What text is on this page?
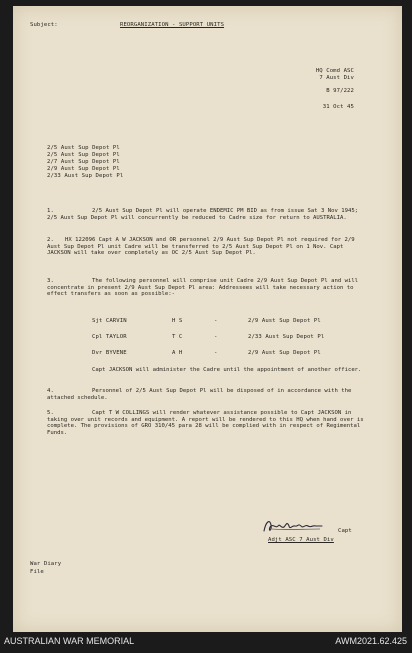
Subject:	REORGANIZATION - SUPPORT UNITS
HQ Comd ASC
7 Aust Div
B 97/222
31 Oct 45
2/5 Aust Sup Depot Pl
2/5 Aust Sup Depot Pl
2/7 Aust Sup Depot Pl
2/9 Aust Sup Depot Pl
2/33 Aust Sup Depot Pl
1.	2/5 Aust Sup Depot Pl will operate ENDEMIC PM BID as from issue Sat 3 Nov 1945; 2/5 Aust Sup Depot Pl will concurrently be reduced to Cadre size for return to AUSTRALIA.
2.	HX 122096 Capt A W JACKSON and OR personnel 2/9 Aust Sup Depot Pl not required for 2/9 Aust Sup Depot Pl unit Cadre will be transferred to 2/5 Aust Sup Depot Pl on 1 Nov. Capt JACKSON will take over completely as OC 2/5 Aust Sup Depot Pl.
3.	The following personnel will comprise unit Cadre 2/9 Aust Sup Depot Pl and will concentrate in present 2/9 Aust Sup Depot Pl area: Addressees will take necessary action to effect transfers as soon as possible:-
Sjt CARVIN	H S	-	2/9 Aust Sup Depot Pl
Cpl TAYLOR	T C	-	2/33 Aust Sup Depot Pl
Dvr BYVENE	A H	-	2/9 Aust Sup Depot Pl
Capt JACKSON will administer the Cadre until the appointment of another officer.
4.	Personnel of 2/5 Aust Sup Depot Pl will be disposed of in accordance with the attached schedule.
5.	Capt T W COLLINGS will render whatever assistance possible to Capt JACKSON in taking over unit records and equipment. A report will be rendered to this HQ when hand over is complete. The provisions of GRO 310/45 para 28 will be complied with in respect of Regimental Funds.
Capt
Adjt ASC 7 Aust Div
War Diary
File
AUSTRALIAN WAR MEMORIAL	AWM2021.62.425
